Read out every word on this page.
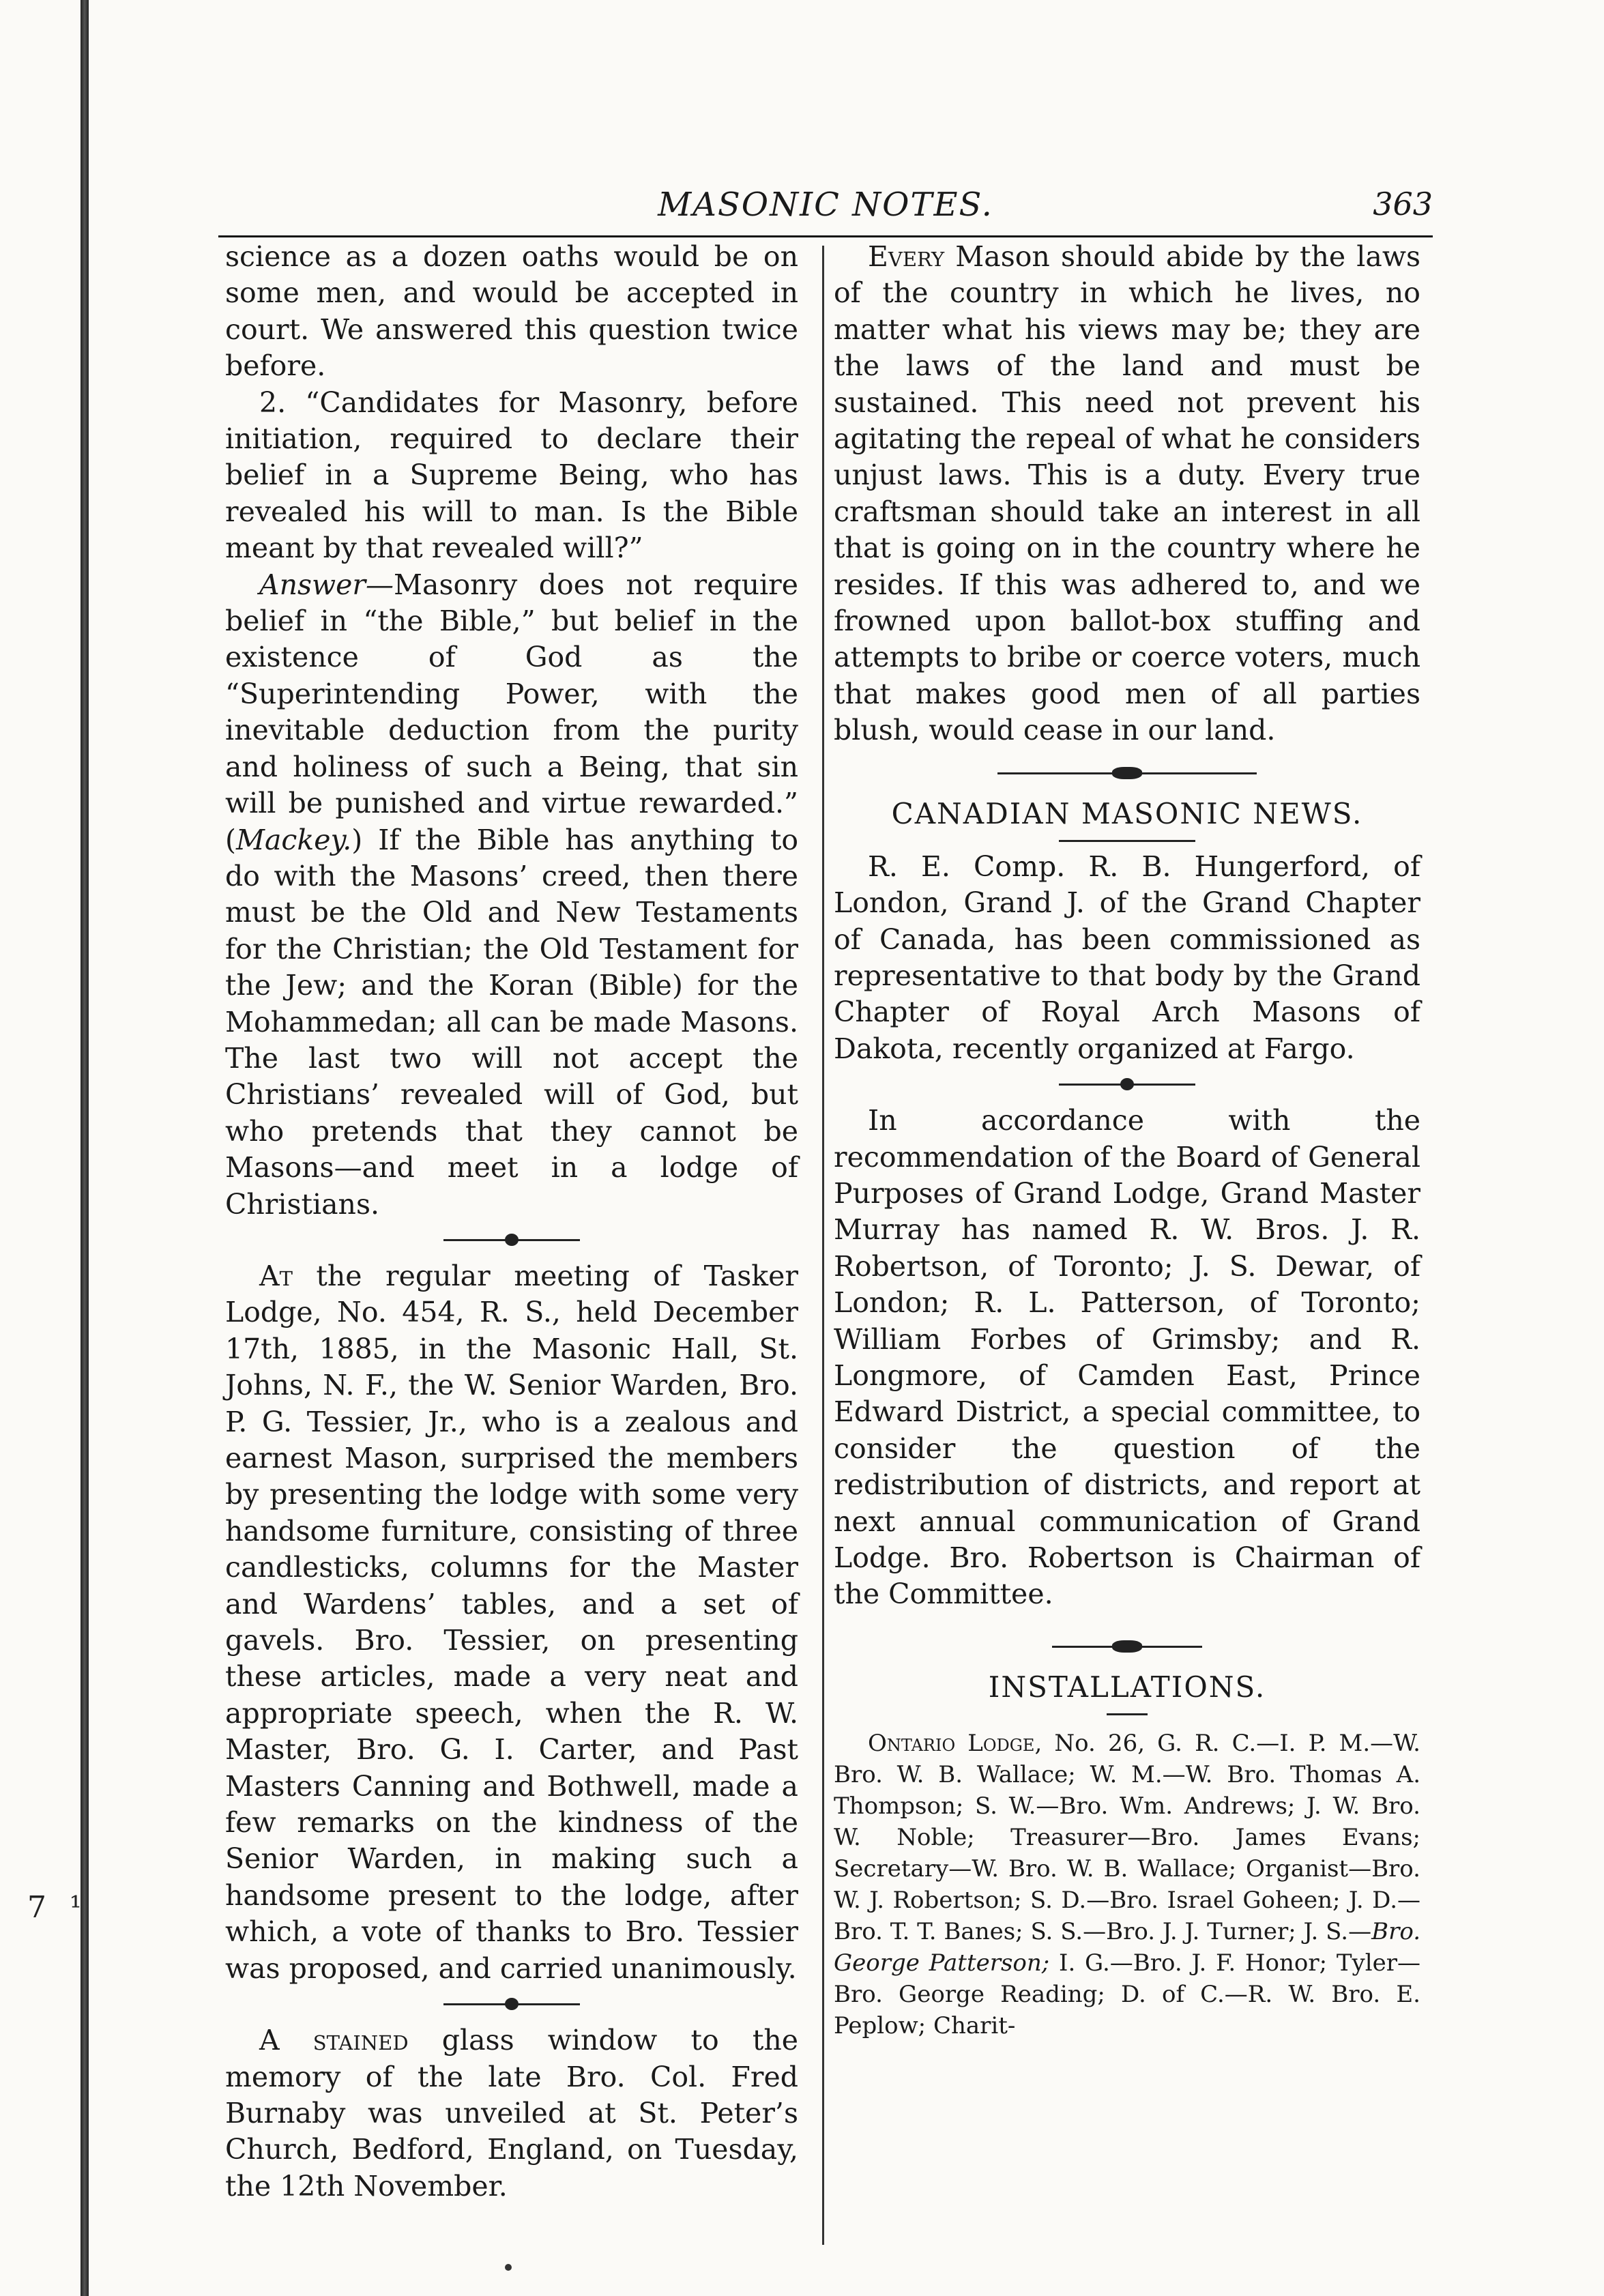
7 ¹
MASONIC NOTES.	363

science as a dozen oaths would be on some men, and would be accepted in court. We answered this question twice before.

2. “Candidates for Masonry, before initiation, required to declare their belief in a Supreme Being, who has revealed his will to man. Is the Bible meant by that revealed will?”

Answer—Masonry does not require belief in “the Bible,” but belief in the existence of God as the “Superintending Power, with the inevitable deduction from the purity and holiness of such a Being, that sin will be punished and virtue rewarded.” (Mackey.) If the Bible has anything to do with the Masons’ creed, then there must be the Old and New Testaments for the Christian; the Old Testament for the Jew; and the Koran (Bible) for the Mohammedan; all can be made Masons. The last two will not accept the Christians’ revealed will of God, but who pretends that they cannot be Masons—and meet in a lodge of Christians.

At the regular meeting of Tasker Lodge, No. 454, R. S., held December 17th, 1885, in the Masonic Hall, St. Johns, N. F., the W. Senior Warden, Bro. P. G. Tessier, Jr., who is a zealous and earnest Mason, surprised the members by presenting the lodge with some very handsome furniture, consisting of three candlesticks, columns for the Master and Wardens’ tables, and a set of gavels. Bro. Tessier, on presenting these articles, made a very neat and appropriate speech, when the R. W. Master, Bro. G. I. Carter, and Past Masters Canning and Bothwell, made a few remarks on the kindness of the Senior Warden, in making such a handsome present to the lodge, after which, a vote of thanks to Bro. Tessier was proposed, and carried unanimously.

A stained glass window to the memory of the late Bro. Col. Fred Burnaby was unveiled at St. Peter’s Church, Bedford, England, on Tuesday, the 12th November.

Every Mason should abide by the laws of the country in which he lives, no matter what his views may be; they are the laws of the land and must be sustained. This need not prevent his agitating the repeal of what he considers unjust laws. This is a duty. Every true craftsman should take an interest in all that is going on in the country where he resides. If this was adhered to, and we frowned upon ballot-box stuffing and attempts to bribe or coerce voters, much that makes good men of all parties blush, would cease in our land.

CANADIAN MASONIC NEWS.

R. E. Comp. R. B. Hungerford, of London, Grand J. of the Grand Chapter of Canada, has been commissioned as representative to that body by the Grand Chapter of Royal Arch Masons of Dakota, recently organized at Fargo.

In accordance with the recommendation of the Board of General Purposes of Grand Lodge, Grand Master Murray has named R. W. Bros. J. R. Robertson, of Toronto; J. S. Dewar, of London; R. L. Patterson, of Toronto; William Forbes of Grimsby; and R. Longmore, of Camden East, Prince Edward District, a special committee, to consider the question of the redistribution of districts, and report at next annual communication of Grand Lodge. Bro. Robertson is Chairman of the Committee.

INSTALLATIONS.

Ontario Lodge, No. 26, G. R. C.—I. P. M.—W. Bro. W. B. Wallace; W. M.—W. Bro. Thomas A. Thompson; S. W.—Bro. Wm. Andrews; J. W. Bro. W. Noble; Treasurer—Bro. James Evans; Secretary—W. Bro. W. B. Wallace; Organist—Bro. W. J. Robertson; S. D.—Bro. Israel Goheen; J. D.—Bro. T. T. Banes; S. S.—Bro. J. J. Turner; J. S.—Bro. George Patterson; I. G.—Bro. J. F. Honor; Tyler—Bro. George Reading; D. of C.—R. W. Bro. E. Peplow; Charit-
